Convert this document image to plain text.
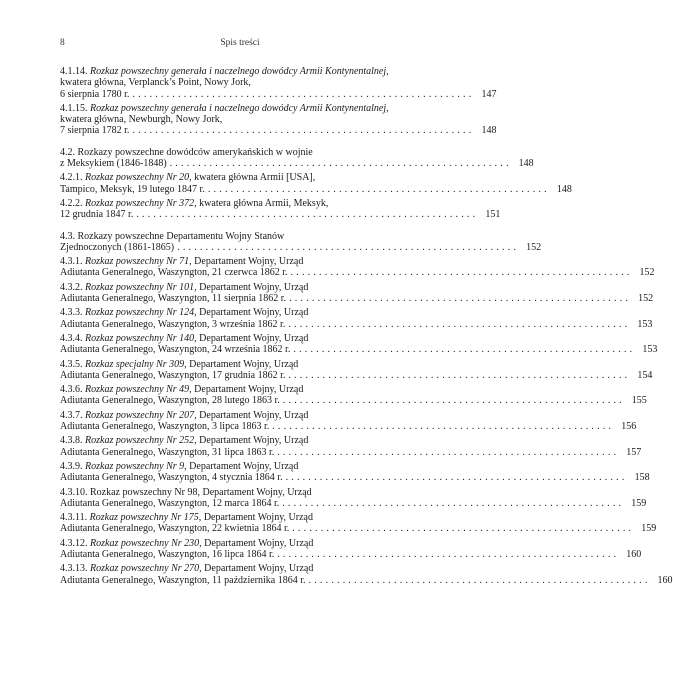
8	Spis treści
4.1.14. Rozkaz powszechny generała i naczelnego dowódcy Armii Kontynentalnej, kwatera główna, Verplanck’s Point, Nowy Jork,
6 sierpnia 1780 r. ............................................................ 147
4.1.15. Rozkaz powszechny generała i naczelnego dowódcy Armii Kontynentalnej, kwatera główna, Newburgh, Nowy Jork,
7 sierpnia 1782 r. ............................................................ 148
4.2. Rozkazy powszechne dowódców amerykańskich w wojnie
z Meksykiem (1846-1848) ............................................................ 148
4.2.1. Rozkaz powszechny Nr 20, kwatera główna Armii [USA],
Tampico, Meksyk, 19 lutego 1847 r. ............................................................ 148
4.2.2. Rozkaz powszechny Nr 372, kwatera główna Armii, Meksyk,
12 grudnia 1847 r. ............................................................ 151
4.3. Rozkazy powszechne Departamentu Wojny Stanów
Zjednoczonych (1861-1865) ............................................................ 152
4.3.1. Rozkaz powszechny Nr 71, Departament Wojny, Urząd
Adiutanta Generalnego, Waszyngton, 21 czerwca 1862 r. ............................................................ 152
4.3.2. Rozkaz powszechny Nr 101, Departament Wojny, Urząd
Adiutanta Generalnego, Waszyngton, 11 sierpnia 1862 r. ............................................................ 152
4.3.3. Rozkaz powszechny Nr 124, Departament Wojny, Urząd
Adiutanta Generalnego, Waszyngton, 3 września 1862 r. ............................................................ 153
4.3.4. Rozkaz powszechny Nr 140, Departament Wojny, Urząd
Adiutanta Generalnego, Waszyngton, 24 września 1862 r. ............................................................ 153
4.3.5. Rozkaz specjalny Nr 309, Departament Wojny, Urząd
Adiutanta Generalnego, Waszyngton, 17 grudnia 1862 r. ............................................................ 154
4.3.6. Rozkaz powszechny Nr 49, Departament Wojny, Urząd
Adiutanta Generalnego, Waszyngton, 28 lutego 1863 r. ............................................................ 155
4.3.7. Rozkaz powszechny Nr 207, Departament Wojny, Urząd
Adiutanta Generalnego, Waszyngton, 3 lipca 1863 r. ............................................................ 156
4.3.8. Rozkaz powszechny Nr 252, Departament Wojny, Urząd
Adiutanta Generalnego, Waszyngton, 31 lipca 1863 r. ............................................................ 157
4.3.9. Rozkaz powszechny Nr 9, Departament Wojny, Urząd
Adiutanta Generalnego, Waszyngton, 4 stycznia 1864 r. ............................................................ 158
4.3.10. Rozkaz powszechny Nr 98, Departament Wojny, Urząd
Adiutanta Generalnego, Waszyngton, 12 marca 1864 r. ............................................................ 159
4.3.11. Rozkaz powszechny Nr 175, Departament Wojny, Urząd
Adiutanta Generalnego, Waszyngton, 22 kwietnia 1864 r. ............................................................ 159
4.3.12. Rozkaz powszechny Nr 230, Departament Wojny, Urząd
Adiutanta Generalnego, Waszyngton, 16 lipca 1864 r. ............................................................ 160
4.3.13. Rozkaz powszechny Nr 270, Departament Wojny, Urząd
Adiutanta Generalnego, Waszyngton, 11 października 1864 r. ............................................................ 160
